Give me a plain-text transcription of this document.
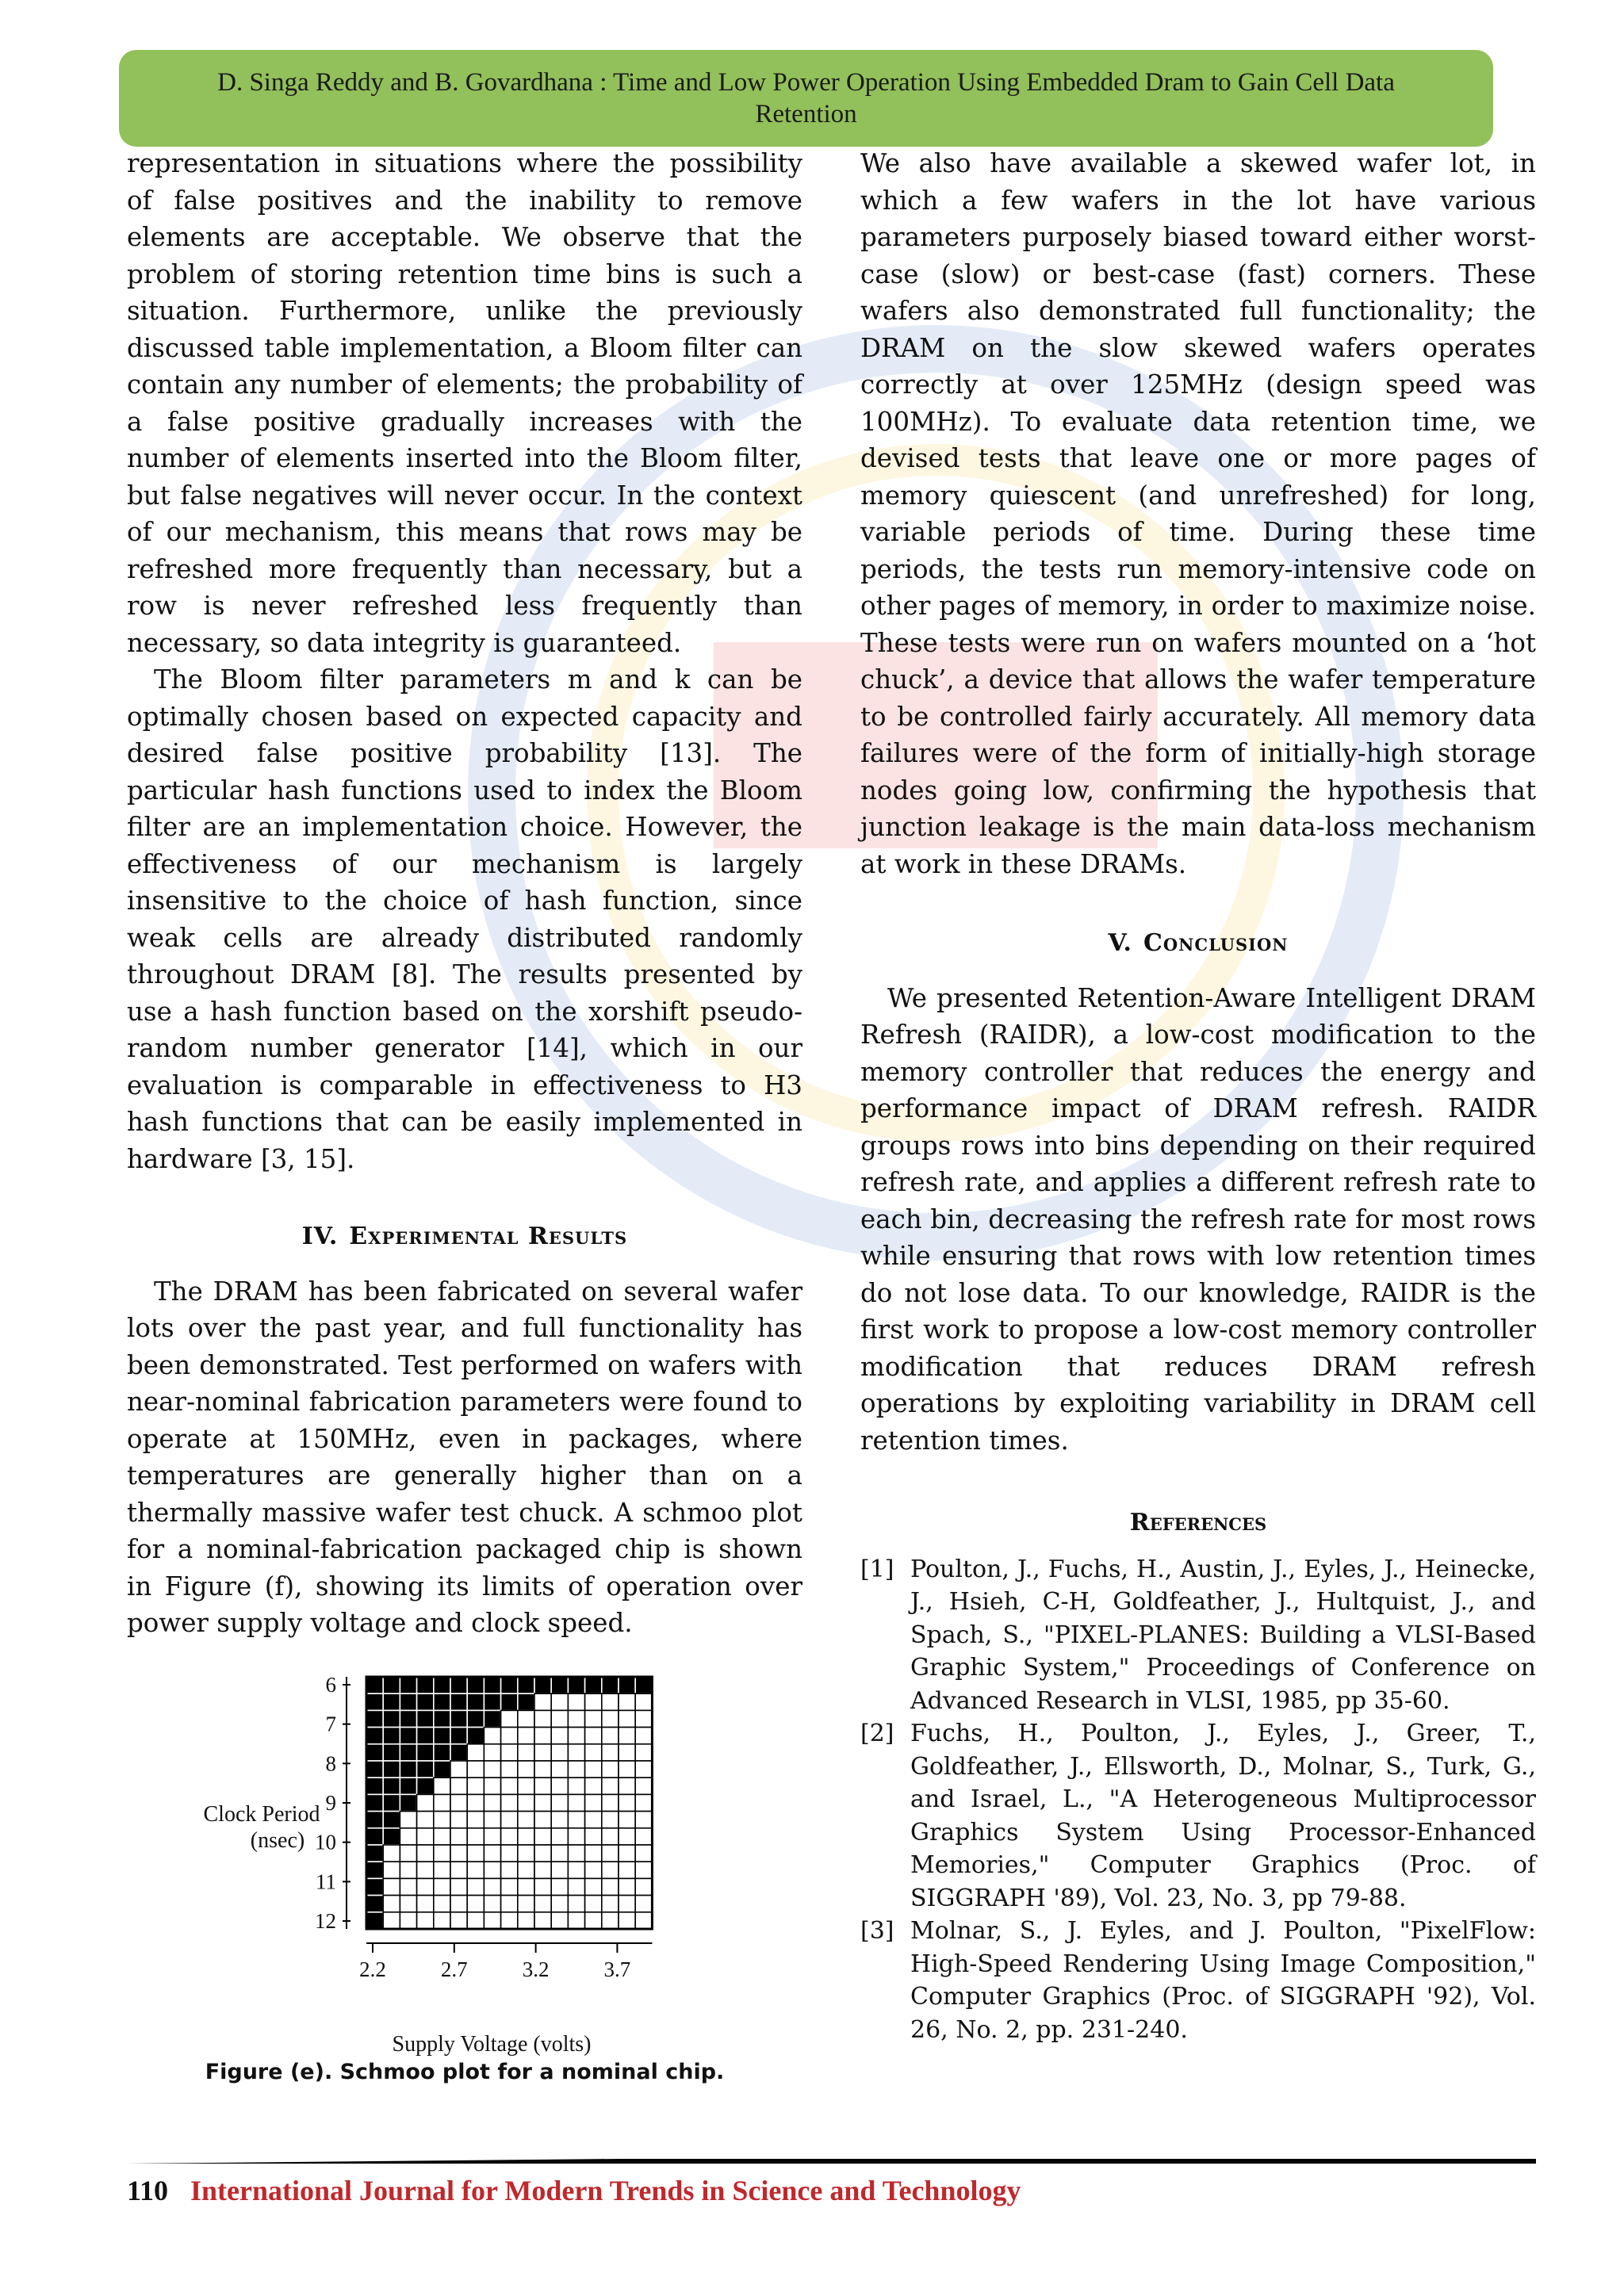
D. Singa Reddy and B. Govardhana : Time and Low Power Operation Using Embedded Dram to Gain Cell Data
Retention

representation in situations where the possibility of false positives and the inability to remove elements are acceptable. We observe that the problem of storing retention time bins is such a situation. Furthermore, unlike the previously discussed table implementation, a Bloom filter can contain any number of elements; the probability of a false positive gradually increases with the number of elements inserted into the Bloom filter, but false negatives will never occur. In the context of our mechanism, this means that rows may be refreshed more frequently than necessary, but a row is never refreshed less frequently than necessary, so data integrity is guaranteed.

The Bloom filter parameters m and k can be optimally chosen based on expected capacity and desired false positive probability [13]. The particular hash functions used to index the Bloom filter are an implementation choice. However, the effectiveness of our mechanism is largely insensitive to the choice of hash function, since weak cells are already distributed randomly throughout DRAM [8]. The results presented by use a hash function based on the xorshift pseudo-random number generator [14], which in our evaluation is comparable in effectiveness to H3 hash functions that can be easily implemented in hardware [3, 15].

IV. Experimental Results

The DRAM has been fabricated on several wafer lots over the past year, and full functionality has been demonstrated. Test performed on wafers with near-nominal fabrication parameters were found to operate at 150MHz, even in packages, where temperatures are generally higher than on a thermally massive wafer test chuck. A schmoo plot for a nominal-fabrication packaged chip is shown in Figure (f), showing its limits of operation over power supply voltage and clock speed.

6
7
8
9
10
11
12
2.2	2.7	3.2	3.7
Clock Period
(nsec)
Supply Voltage (volts)
Figure (e). Schmoo plot for a nominal chip.

We also have available a skewed wafer lot, in which a few wafers in the lot have various parameters purposely biased toward either worst-case (slow) or best-case (fast) corners. These wafers also demonstrated full functionality; the DRAM on the slow skewed wafers operates correctly at over 125MHz (design speed was 100MHz). To evaluate data retention time, we devised tests that leave one or more pages of memory quiescent (and unrefreshed) for long, variable periods of time. During these time periods, the tests run memory-intensive code on other pages of memory, in order to maximize noise. These tests were run on wafers mounted on a ‘hot chuck’, a device that allows the wafer temperature to be controlled fairly accurately. All memory data failures were of the form of initially-high storage nodes going low, confirming the hypothesis that junction leakage is the main data-loss mechanism at work in these DRAMs.

V. Conclusion

We presented Retention-Aware Intelligent DRAM Refresh (RAIDR), a low-cost modification to the memory controller that reduces the energy and performance impact of DRAM refresh. RAIDR groups rows into bins depending on their required refresh rate, and applies a different refresh rate to each bin, decreasing the refresh rate for most rows while ensuring that rows with low retention times do not lose data. To our knowledge, RAIDR is the first work to propose a low-cost memory controller modification that reduces DRAM refresh operations by exploiting variability in DRAM cell retention times.

References
[1] Poulton, J., Fuchs, H., Austin, J., Eyles, J., Heinecke, J., Hsieh, C-H, Goldfeather, J., Hultquist, J., and Spach, S., "PIXEL-PLANES: Building a VLSI-Based Graphic System," Proceedings of Conference on Advanced Research in VLSI, 1985, pp 35-60.
[2] Fuchs, H., Poulton, J., Eyles, J., Greer, T., Goldfeather, J., Ellsworth, D., Molnar, S., Turk, G., and Israel, L., "A Heterogeneous Multiprocessor Graphics System Using Processor-Enhanced Memories," Computer Graphics (Proc. of SIGGRAPH '89), Vol. 23, No. 3, pp 79-88.
[3] Molnar, S., J. Eyles, and J. Poulton, "PixelFlow: High-Speed Rendering Using Image Composition," Computer Graphics (Proc. of SIGGRAPH '92), Vol. 26, No. 2, pp. 231-240.
110 International Journal for Modern Trends in Science and Technology
